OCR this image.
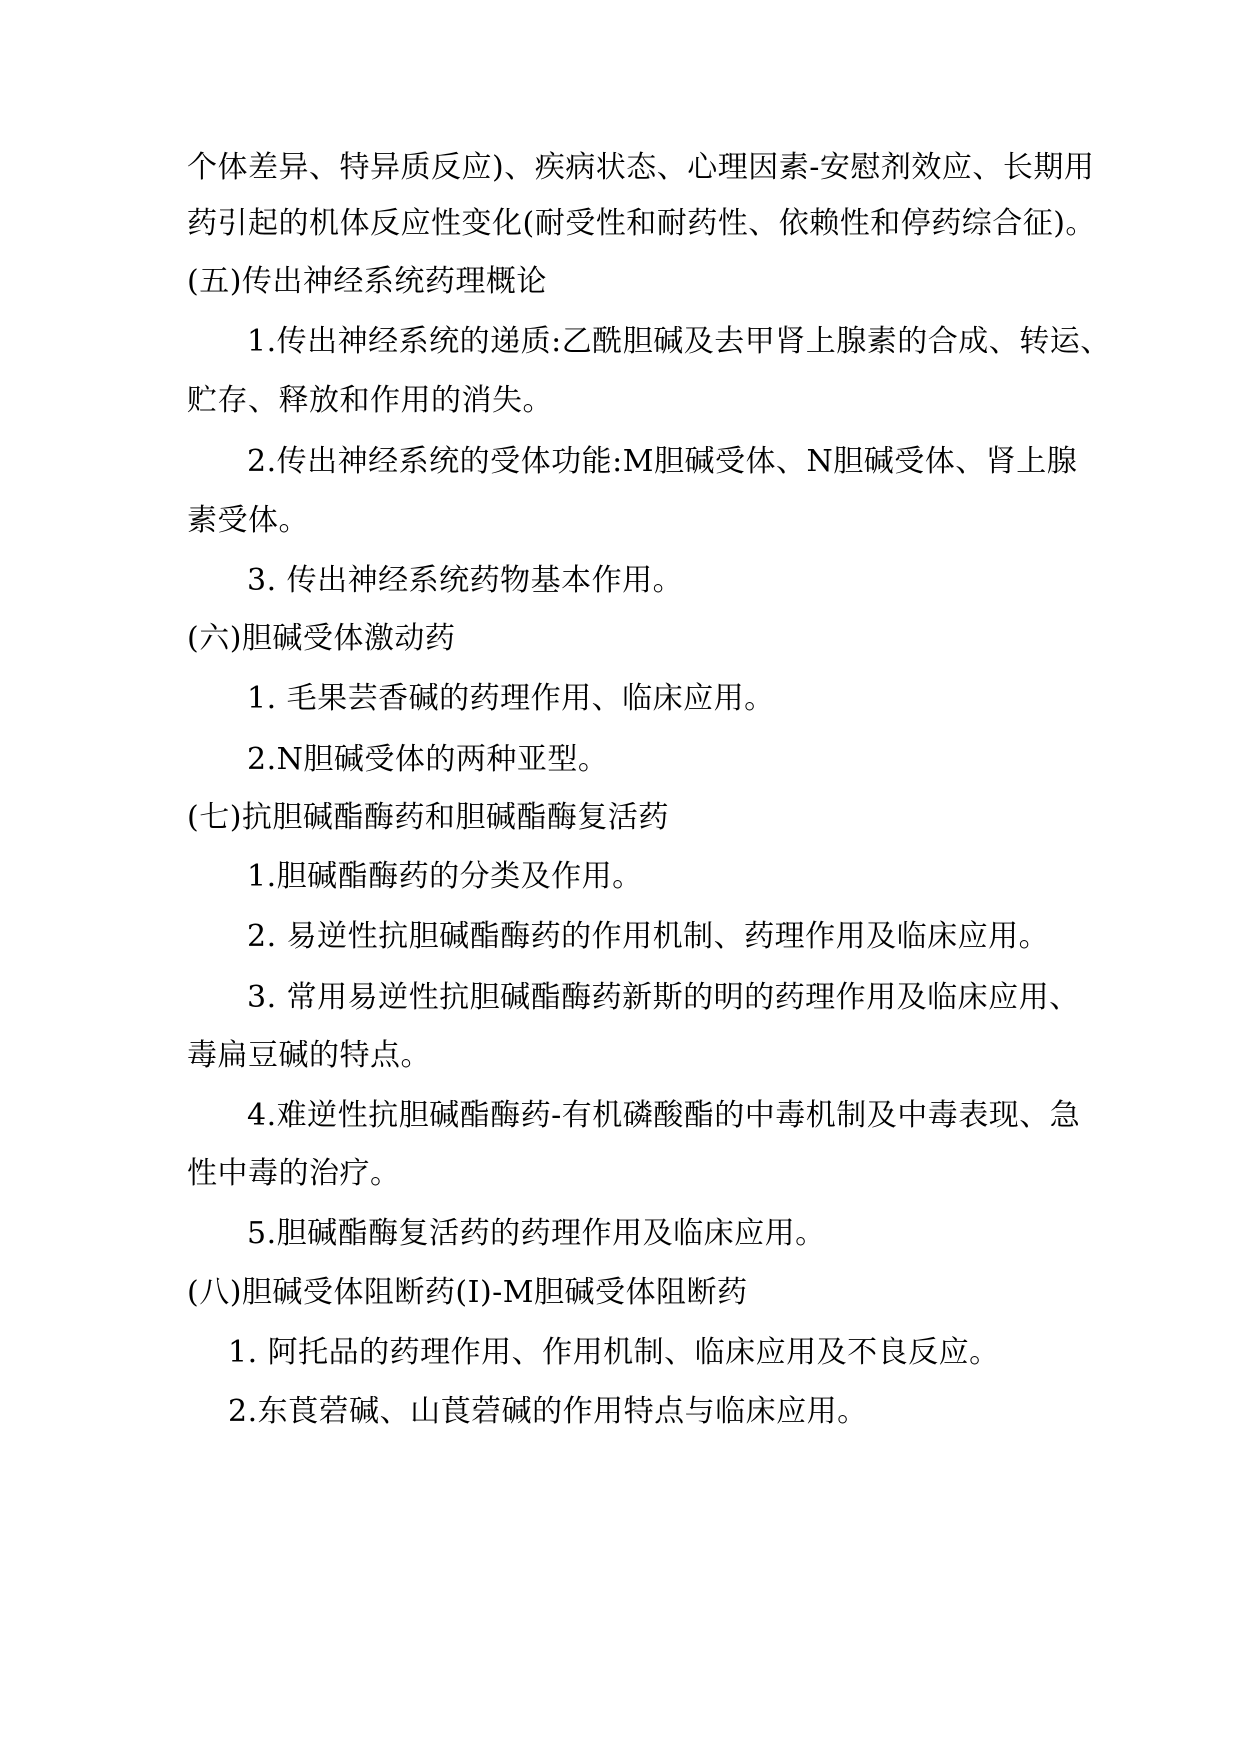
个体差异、特异质反应)、疾病状态、心理因素-安慰剂效应、长期用
药引起的机体反应性变化(耐受性和耐药性、依赖性和停药综合征)。
(五)传出神经系统药理概论
1.传出神经系统的递质:乙酰胆碱及去甲肾上腺素的合成、转运、
贮存、释放和作用的消失。
2.传出神经系统的受体功能:M胆碱受体、N胆碱受体、肾上腺
素受体。
3. 传出神经系统药物基本作用。
(六)胆碱受体激动药
1. 毛果芸香碱的药理作用、临床应用。
2.N胆碱受体的两种亚型。
(七)抗胆碱酯酶药和胆碱酯酶复活药
1.胆碱酯酶药的分类及作用。
2. 易逆性抗胆碱酯酶药的作用机制、药理作用及临床应用。
3. 常用易逆性抗胆碱酯酶药新斯的明的药理作用及临床应用、
毒扁豆碱的特点。
4.难逆性抗胆碱酯酶药-有机磷酸酯的中毒机制及中毒表现、急
性中毒的治疗。
5.胆碱酯酶复活药的药理作用及临床应用。
(八)胆碱受体阻断药(I)-M胆碱受体阻断药
1. 阿托品的药理作用、作用机制、临床应用及不良反应。
2.东莨菪碱、山莨菪碱的作用特点与临床应用。
